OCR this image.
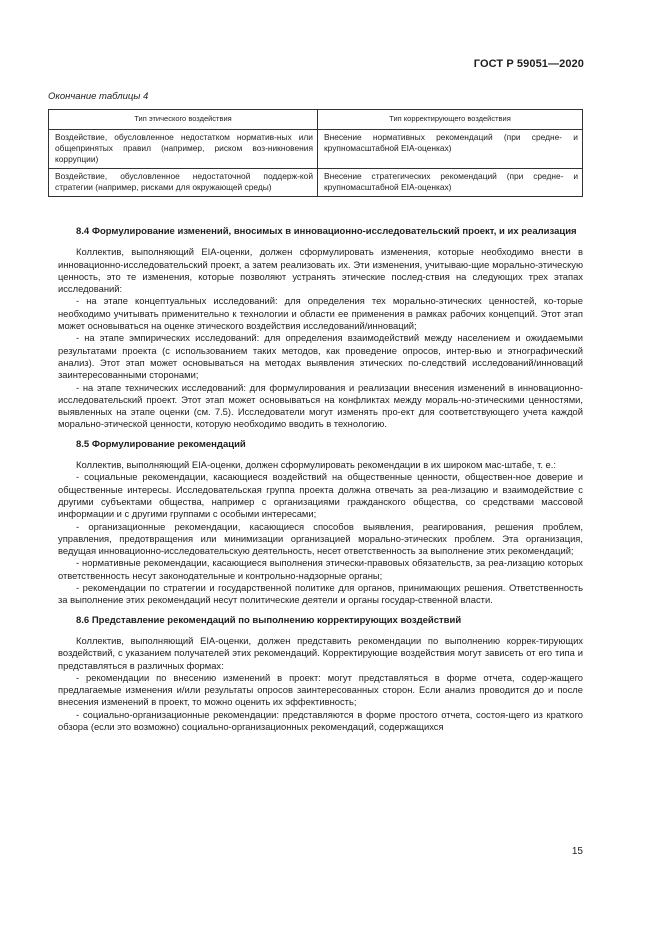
ГОСТ Р 59051—2020
Окончание таблицы 4
Тип этического воздействия	Тип корректирующего воздействия
Воздействие, обусловленное недостатком норматив-ных или общепринятых правил (например, риском воз-никновения коррупции)	Внесение нормативных рекомендаций (при средне- и крупномасштабной EIA-оценках)
Воздействие, обусловленное недостаточной поддерж-кой стратегии (например, рисками для окружающей среды)	Внесение стратегических рекомендаций (при средне- и крупномасштабной EIA-оценках)
8.4 Формулирование изменений, вносимых в инновационно-исследовательский проект, и их реализация

Коллектив, выполняющий EIA-оценки, должен сформулировать изменения, которые необходимо внести в инновационно-исследовательский проект, а затем реализовать их. Эти изменения, учитываю-щие морально-этическую ценность, это те изменения, которые позволяют устранять этические послед-ствия на следующих трех этапах исследований:

- на этапе концептуальных исследований: для определения тех морально-этических ценностей, ко-торые необходимо учитывать применительно к технологии и области ее применения в рамках рабочих концепций. Этот этап может основываться на оценке этического воздействия исследований/инноваций;

- на этапе эмпирических исследований: для определения взаимодействий между населением и ожидаемыми результатами проекта (с использованием таких методов, как проведение опросов, интер-вью и этнографический анализ). Этот этап может основываться на методах выявления этических по-следствий исследований/инноваций заинтересованными сторонами;

- на этапе технических исследований: для формулирования и реализации внесения изменений в инновационно-исследовательский проект. Этот этап может основываться на конфликтах между мораль-но-этическими ценностями, выявленных на этапе оценки (см. 7.5). Исследователи могут изменять про-ект для соответствующего учета каждой морально-этической ценности, которую необходимо вводить в технологию.

8.5 Формулирование рекомендаций

Коллектив, выполняющий EIA-оценки, должен сформулировать рекомендации в их широком мас-штабе, т. е.:

- социальные рекомендации, касающиеся воздействий на общественные ценности, обществен-ное доверие и общественные интересы. Исследовательская группа проекта должна отвечать за реа-лизацию и взаимодействие с другими субъектами общества, например с организациями гражданского общества, со средствами массовой информации и с другими группами с особыми интересами;

- организационные рекомендации, касающиеся способов выявления, реагирования, решения проблем, управления, предотвращения или минимизации организацией морально-этических проблем. Эта организация, ведущая инновационно-исследовательскую деятельность, несет ответственность за выполнение этих рекомендаций;

- нормативные рекомендации, касающиеся выполнения этически-правовых обязательств, за реа-лизацию которых ответственность несут законодательные и контрольно-надзорные органы;

- рекомендации по стратегии и государственной политике для органов, принимающих решения. Ответственность за выполнение этих рекомендаций несут политические деятели и органы государ-ственной власти.

8.6 Представление рекомендаций по выполнению корректирующих воздействий

Коллектив, выполняющий EIA-оценки, должен представить рекомендации по выполнению коррек-тирующих воздействий, с указанием получателей этих рекомендаций. Корректирующие воздействия могут зависеть от его типа и представляться в различных формах:

- рекомендации по внесению изменений в проект: могут представляться в форме отчета, содер-жащего предлагаемые изменения и/или результаты опросов заинтересованных сторон. Если анализ проводится до и после внесения изменений в проект, то можно оценить их эффективность;

- социально-организационные рекомендации: представляются в форме простого отчета, состоя-щего из краткого обзора (если это возможно) социально-организационных рекомендаций, содержащихся

15
